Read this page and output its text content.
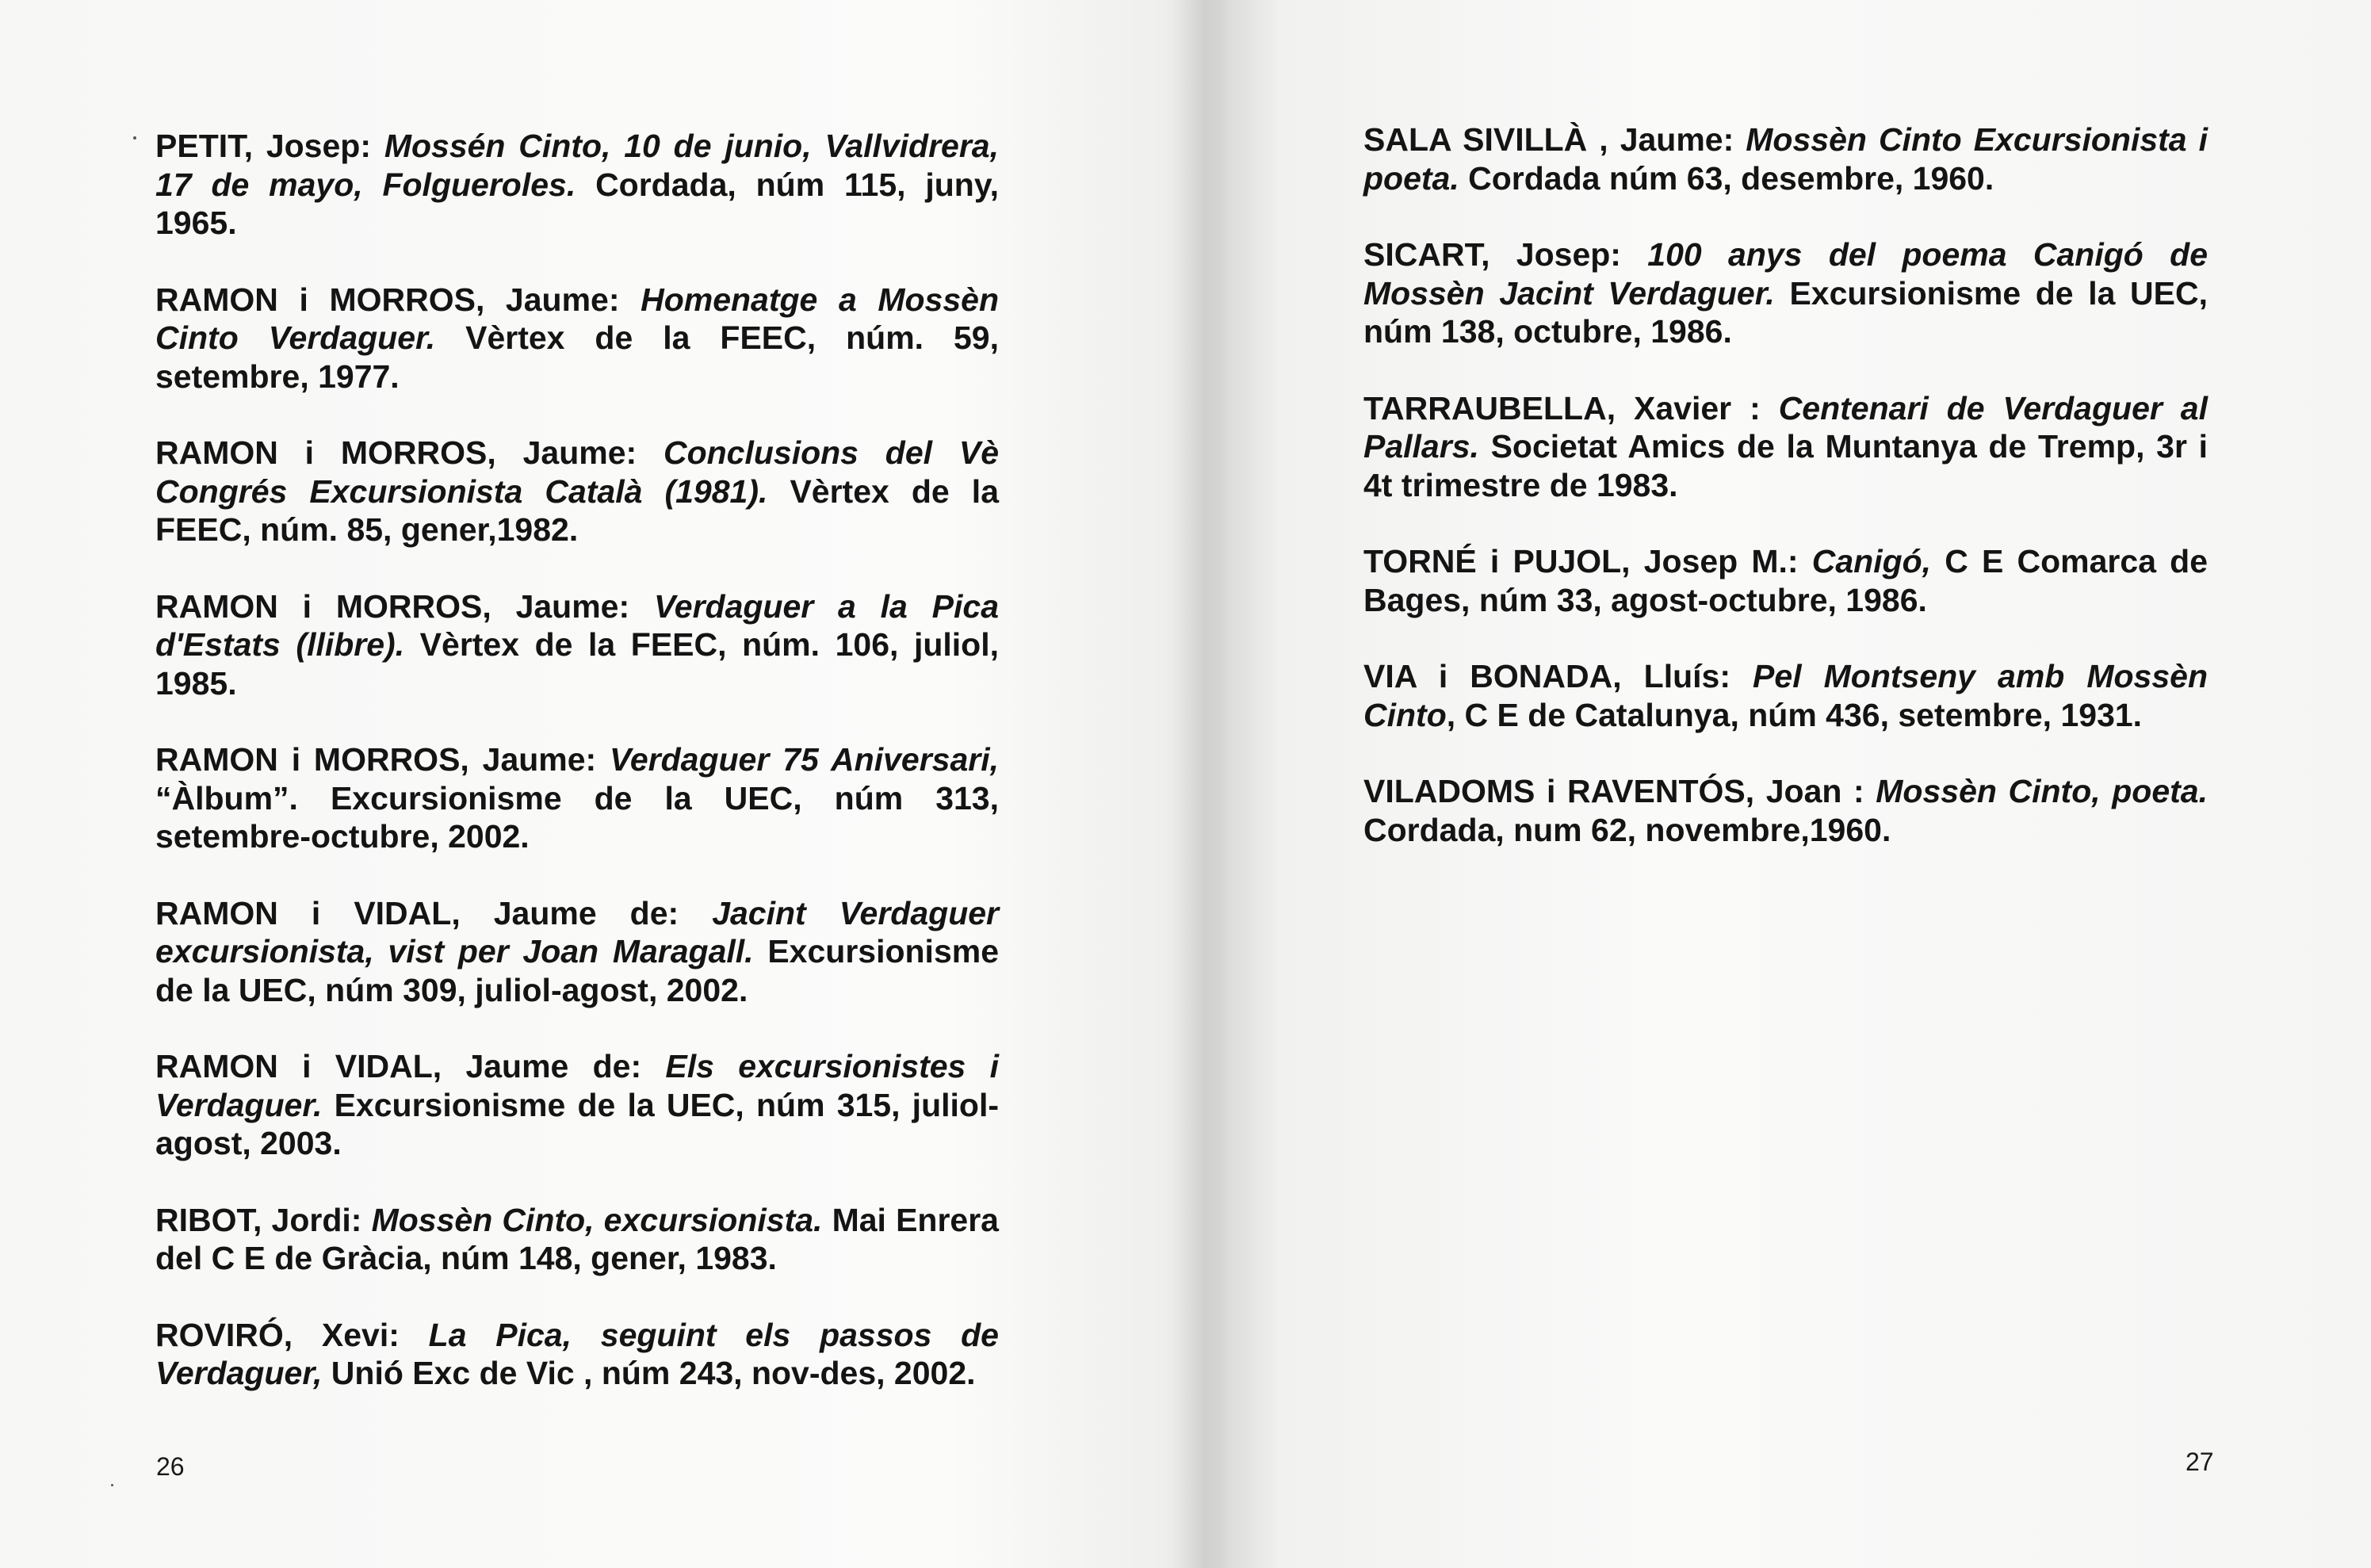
PETIT, Josep: Mossén Cinto, 10 de junio, Vallvidrera, 17 de mayo, Folgueroles. Cordada, núm 115, juny, 1965.

RAMON i MORROS, Jaume: Homenatge a Mossèn Cinto Verdaguer. Vèrtex de la FEEC, núm. 59, setembre, 1977.

RAMON i MORROS, Jaume: Conclusions del Vè Congrés Excursionista Català (1981). Vèrtex de la FEEC, núm. 85, gener,1982.

RAMON i MORROS, Jaume: Verdaguer a la Pica d'Estats (llibre). Vèrtex de la FEEC, núm. 106, juliol, 1985.

RAMON i MORROS, Jaume: Verdaguer 75 Aniversari, “Àlbum”. Excursionisme de la UEC, núm 313, setembre-octubre, 2002.

RAMON i VIDAL, Jaume de: Jacint Verdaguer excursionista, vist per Joan Maragall. Excursionisme de la UEC, núm 309, juliol-agost, 2002.

RAMON i VIDAL, Jaume de: Els excursionistes i Verdaguer. Excursionisme de la UEC, núm 315, juliol-agost, 2003.

RIBOT, Jordi: Mossèn Cinto, excursionista. Mai Enrera del C E de Gràcia, núm 148, gener, 1983.

ROVIRÓ, Xevi: La Pica, seguint els passos de Verdaguer, Unió Exc de Vic , núm 243, nov-des, 2002.

26

SALA SIVILLÀ , Jaume: Mossèn Cinto Excursionista i poeta. Cordada núm 63, desembre, 1960.

SICART, Josep: 100 anys del poema Canigó de Mossèn Jacint Verdaguer. Excursionisme de la UEC, núm 138, octubre, 1986.

TARRAUBELLA, Xavier : Centenari de Verdaguer al Pallars. Societat Amics de la Muntanya de Tremp, 3r i 4t trimestre de 1983.

TORNÉ i PUJOL, Josep M.: Canigó, C E Comarca de Bages, núm 33, agost-octubre, 1986.

VIA i BONADA, Lluís: Pel Montseny amb Mossèn Cinto, C E de Catalunya, núm 436, setembre, 1931.

VILADOMS i RAVENTÓS, Joan : Mossèn Cinto, poeta. Cordada, num 62, novembre,1960.

27
